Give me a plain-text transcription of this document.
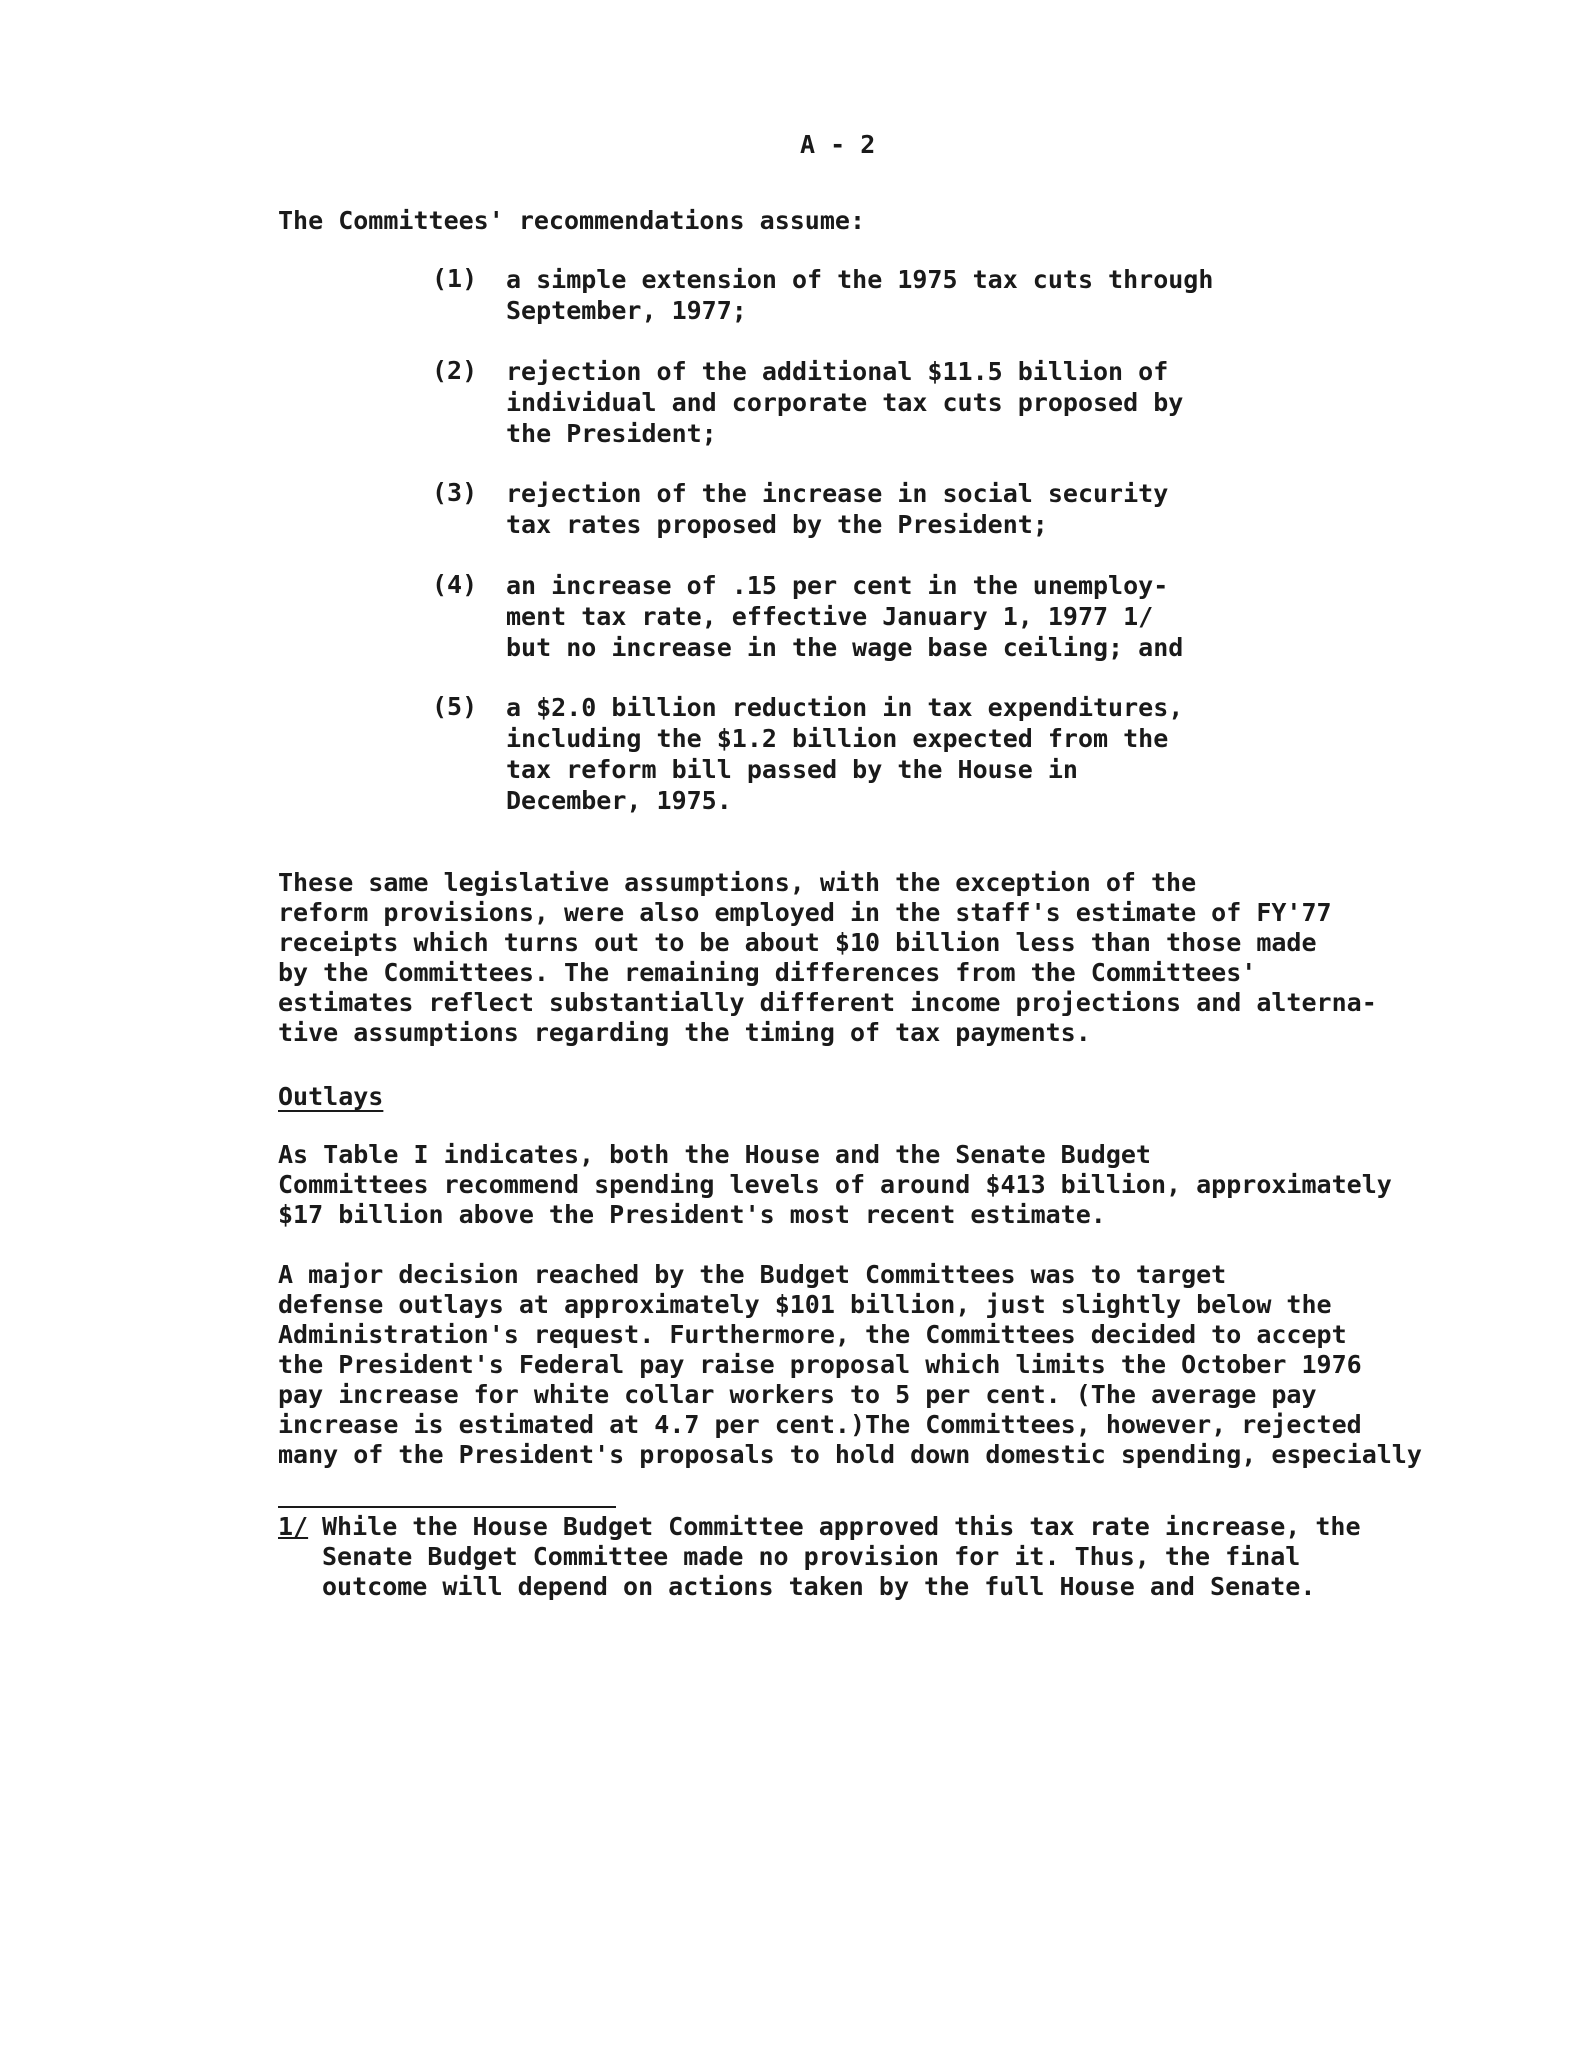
A - 2
The Committees' recommendations assume:
(1) a simple extension of the 1975 tax cuts through
September, 1977;
(2) rejection of the additional $11.5 billion of
individual and corporate tax cuts proposed by
the President;
(3) rejection of the increase in social security
tax rates proposed by the President;
(4) an increase of .15 per cent in the unemploy-
ment tax rate, effective January 1, 1977 1/
but no increase in the wage base ceiling; and
(5) a $2.0 billion reduction in tax expenditures,
including the $1.2 billion expected from the
tax reform bill passed by the House in
December, 1975.
These same legislative assumptions, with the exception of the
reform provisions, were also employed in the staff's estimate of FY'77
receipts which turns out to be about $10 billion less than those made
by the Committees. The remaining differences from the Committees'
estimates reflect substantially different income projections and alterna-
tive assumptions regarding the timing of tax payments.
Outlays
As Table I indicates, both the House and the Senate Budget
Committees recommend spending levels of around $413 billion, approximately
$17 billion above the President's most recent estimate.
A major decision reached by the Budget Committees was to target
defense outlays at approximately $101 billion, just slightly below the
Administration's request. Furthermore, the Committees decided to accept
the President's Federal pay raise proposal which limits the October 1976
pay increase for white collar workers to 5 per cent. (The average pay
increase is estimated at 4.7 per cent.)The Committees, however, rejected
many of the President's proposals to hold down domestic spending, especially
1/ While the House Budget Committee approved this tax rate increase, the
Senate Budget Committee made no provision for it. Thus, the final
outcome will depend on actions taken by the full House and Senate.
